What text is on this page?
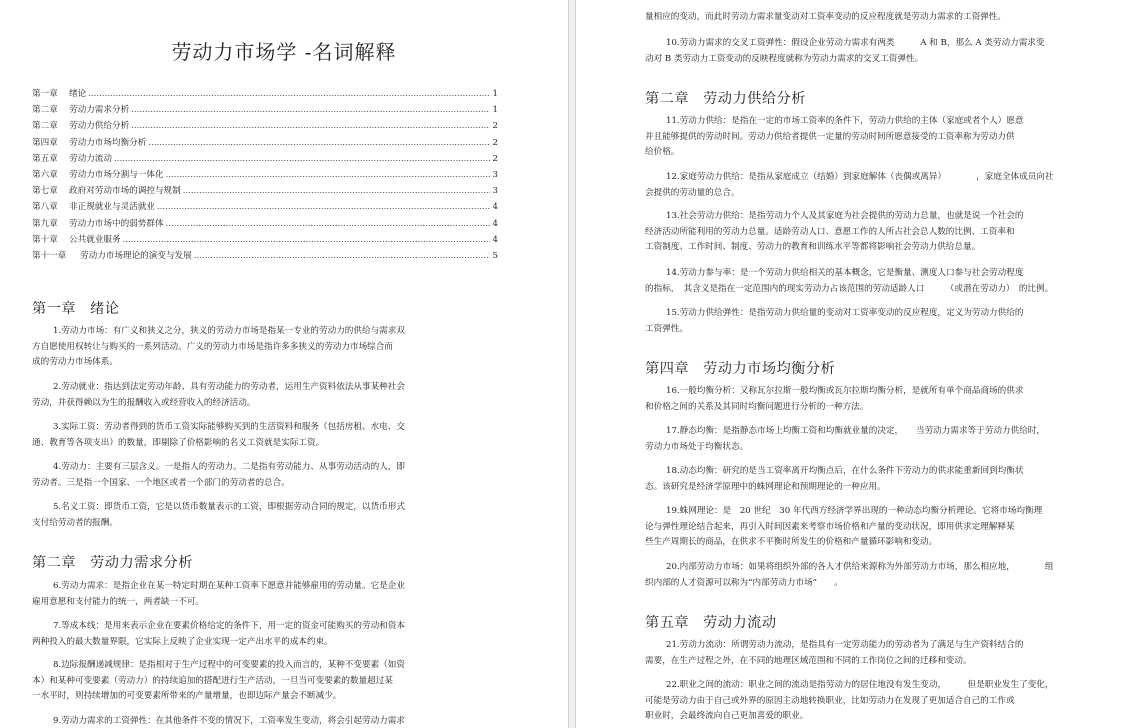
劳动力市场学 -名词解释
第一章	绪论 .....	1
第二章	劳动力需求分析 .....	1
第二章	劳动力供给分析 .....	2
第四章	劳动力市场均衡分析 .....	2
第五章	劳动力流动 .....	2
第六章	劳动力市场分割与一体化 .....	3
第七章	政府对劳动市场的调控与规制 .....	3
第八章	非正规就业与灵活就业 .....	4
第九章	劳动力市场中的弱势群体 .....	4
第十章	公共就业服务 .....	4
第十一章	劳动力市场理论的演变与发展 .....	5
第一章 绪论
1.劳动力市场：有广义和狭义之分，狭义的劳动力市场是指某一专业的劳动力的供给与需求双
方自愿使用权转让与购买的一系列活动。广义的劳动力市场是指许多多狭义的劳动力市场综合而
成的劳动力市场体系。
2.劳动就业：指达到法定劳动年龄、具有劳动能力的劳动者，运用生产资料依法从事某种社会
劳动，并获得赖以为生的报酬收入或经营收入的经济活动。
3.实际工资：劳动者得到的货币工资实际能够购买到的生活资料和服务（包括房租、水电、交
通、教育等各项支出）的数量，即剔除了价格影响的名义工资就是实际工资。
4.劳动力：主要有三层含义。一是指人的劳动力。二是指有劳动能力、从事劳动活动的人，即
劳动者。三是指一个国家、一个地区或者一个部门的劳动者的总合。
5.名义工资：即货币工资，它是以货币数量表示的工资，即根据劳动合同的规定，以货币形式
支付给劳动者的报酬。
第二章 劳动力需求分析
6.劳动力需求：是指企业在某一特定时期在某种工资率下愿意并能够雇用的劳动量。它是企业
雇用意愿和支付能力的统一，两者缺一不可。
7.等成本线：是用来表示企业在要素价格给定的条件下，用一定的资金可能购买的劳动和资本
两种投入的最大数量界限，它实际上反映了企业实现一定产出水平的成本约束。
8.边际报酬递减规律：是指相对于生产过程中的可变要素的投入而言的，某种不变要素（如资
本）和某种可变要素（劳动力）的持续追加的搭配进行生产活动，一旦当可变要素的数量超过某
一水平时，则持续增加的可变要素所带来的产量增量，也即边际产量会不断减少。
9.劳动力需求的工资弹性：在其他条件不变的情况下，工资率发生变动，将会引起劳动力需求
量相应的变动，而此时劳动力需求量变动对工资率变动的反应程度就是劳动力需求的工资弹性。
10.劳动力需求的交叉工资弹性：假设企业劳动力需求有两类　　　A 和 B，那么 A 类劳动力需求变
动对 B 类劳动力工资变动的反映程度就称为劳动力需求的交叉工资弹性。
第二章 劳动力供给分析
11.劳动力供给：是指在一定的市场工资率的条件下，劳动力供给的主体（家庭或者个人）愿意
并且能够提供的劳动时间。劳动力供给者提供一定量的劳动时间所愿意接受的工资率称为劳动力供
给价格。
12.家庭劳动力供给：是指从家庭成立（结婚）到家庭解体（丧偶或离异）　　　　，家庭全体成员向社
会提供的劳动量的总合。
13.社会劳动力供给：是指劳动力个人及其家庭为社会提供的劳动力总量，也就是说一个社会的
经济活动所能利用的劳动力总量。适龄劳动人口、意愿工作的人所占社会总人数的比例、工资率和
工资制度、工作时间、制度、劳动力的教育和训练水平等都将影响社会劳动力供给总量。
14.劳动力参与率：是一个劳动力供给相关的基本概念，它是衡量、测度人口参与社会劳动程度
的指标，　其含义是指在一定范围内的现实劳动力占该范围的劳动适龄人口　　　（或潜在劳动力）　的比例。
15.劳动力供给弹性：是指劳动力供给量的变动对工资率变动的反应程度，定义为劳动力供给的
工资弹性。
第四章 劳动力市场均衡分析
16.一般均衡分析：又称瓦尔拉斯一般均衡或瓦尔拉斯均衡分析，是就所有单个商品商场的供求
和价格之间的关系及其同时均衡问题进行分析的一种方法。
17.静态均衡：是指静态市场上均衡工资和均衡就业量的决定，　　当劳动力需求等于劳动力供给时，
劳动力市场处于均衡状态。
18.动态均衡：研究的是当工资率离开均衡点后，在什么条件下劳动力的供求能重新回到均衡状
态。该研究是经济学原理中的蛛网理论和预期理论的一种应用。
19.蛛网理论：是　20 世纪　30 年代西方经济学界出现的一种动态均衡分析理论。它将市场均衡理
论与弹性理论结合起来，再引入时间因素来考察市场价格和产量的变动状况，即用供求定理解释某
些生产周期长的商品，在供求不平衡时所发生的价格和产量循环影响和变动。
20.内部劳动力市场：如果将组织外部的各人才供给来源称为外部劳动力市场，那么相应地，　　　　组
织内部的人才资源可以称为“内部劳动力市场”　　。
第五章 劳动力流动
21.劳动力流动：所谓劳动力流动，是指具有一定劳动能力的劳动者为了满足与生产资料结合的
需要，在生产过程之外，在不同的地理区域范围和不同的工作岗位之间的迁移和变动。
22.职业之间的流动：职业之间的流动是指劳动力的居住地没有发生变动，　　　但是职业发生了变化，
可能是劳动力由于自己或外界的原因主动地转换职业，比如劳动力在发现了更加适合自己的工作或
职业时，会最终流向自己更加喜爱的职业。
